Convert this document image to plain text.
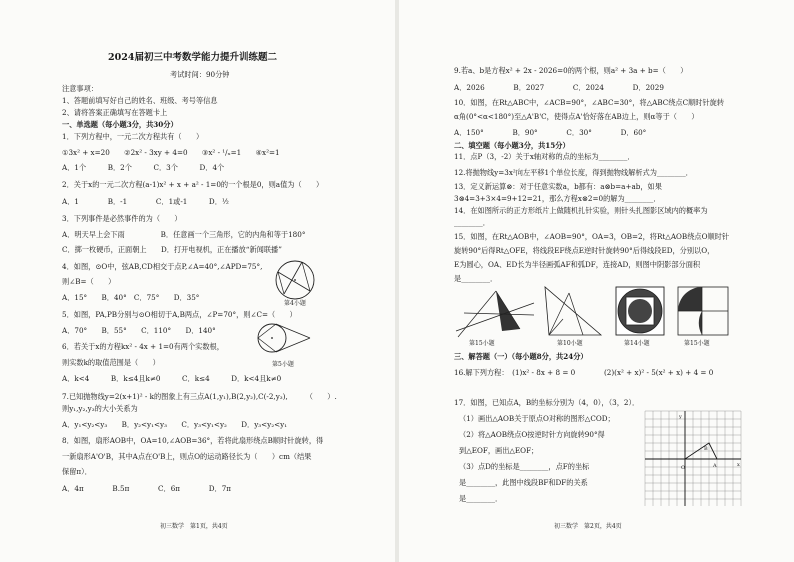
2024届初三中考数学能力提升训练题二
考试时间：90分钟
注意事项：
1、答题前填写好自己的姓名、班级、考号等信息
2、请将答案正确填写在答题卡上
一、单选题（每小题3分，共30分）
1．下列方程中，一元二次方程共有（　　）
①3x² + x=20　　②2x² - 3xy + 4=0　　③x² - ¹/ₓ=1　　④x²=1
A．1个　　　B．2个　　　C．3个　　　D．4个
2．关于x的一元二次方程(a-1)x² + x + a² - 1=0的一个根是0，则a值为（　　）
A．1　　　　B．-1　　　　C．1或-1　　　D．½
3．下列事件是必然事件的为（　　）
A．明天早上会下雨　　　　　B．任意画一个三角形，它的内角和等于180°
C．掷一枚硬币，正面朝上　　D．打开电视机，正在播放“新闻联播”
4．如图，⊙O中，弦AB,CD相交于点P,∠A=40°,∠APD=75°,
则∠B=（　　）
A．15°　　B．40°　C．75°　　D．35°
第4小题
5．如图，PA,PB分别与⊙O相切于A,B两点，∠P=70°，则∠C=（　　）
A．70°　　B．55°　　C．110°　　D．140°
6．若关于x的方程kx² - 4x + 1=0有两个实数根，
则实数k的取值范围是（　　）	第5小题
A．k<4　　　B．k≤4且k≠0　　　C．k≤4　　　D．k<4且k≠0
7.已知抛物线y=2(x+1)² - k的图象上有三点A(1,y₁),B(2,y₂),C(-2,y₃),　　　（　　）.
则y₁,y₂,y₃的大小关系为
A．y₁<y₂<y₃　　B．y₂<y₁<y₃　　C．y₃<y₁<y₂　　D．y₃<y₂<y₁
8．如图，扇形AOB中，OA=10,∠AOB=36°，若将此扇形绕点B顺时针旋转，得
一新扇形A'O'B，其中A点在O'B上，则点O的运动路径长为（　　）cm（结果
保留π）．
A．4π　　　　B.5π　　　　C．6π　　　　D．7π
初三数学　第1页，共4页
9.若a、b是方程x² + 2x - 2026=0的两个根，则a² + 3a + b=（　　）
A．2026　　　　B．2027　　　　C．2024　　　　D．2029
10．如图，在Rt△ABC中，∠ACB=90°，∠ABC=30°，将△ABC绕点C顺时针旋转
α角(0°<α<180°)至△A'B'C，使得点A'恰好落在AB边上，则α等于（　　）
A．150°　　　　B．90°　　　　C．30°　　　　D．60°
二、填空题（每小题3分，共15分）
11．点P（3，-2）关于x轴对称的点的坐标为________．
12.将抛物线y=3x²向左平移1个单位长度，得到抛物线解析式为________．
13．定义新运算⊗：对于任意实数a，b都有：a⊗b=a+ab，如果
3⊗4=3+3×4=9+12=21，那么方程x⊗2=0的解为________．
14．在如图所示的正方形纸片上做随机扎针实验，则针头扎图影区域内的概率为
________．
15．如图，在Rt△AOB中，∠AOB=90°，OA=3，OB=2，将Rt△AOB绕点O顺时针
旋转90°后得Rt△OFE，将线段EF绕点E逆时针旋转90°后得线段ED，分别以O，
E为圆心，OA、ED长为半径画弧AF和弧DF，连接AD，则图中阴影部分面积
是________．
第15小题	第10小题	第14小题	第15小题
三、解答题（一）（每小题8分，共24分）
16.解下列方程：　(1)x² - 8x + 8 = 0　　　　(2)(x² + x)² - 5(x² + x) + 4 = 0
17．如图，已知点A，B的坐标分别为（4，0），（3，2）．
（1）画出△AOB关于原点O对称的图形△COD；
（2）将△AOB绕点O按逆时针方向旋转90°得
到△EOF，画出△EOF；
（3）点D的坐标是________，点F的坐标
是________，此图中线段BF和DF的关系
是________．
y
x
O	A
B
初三数学　第2页，共4页
